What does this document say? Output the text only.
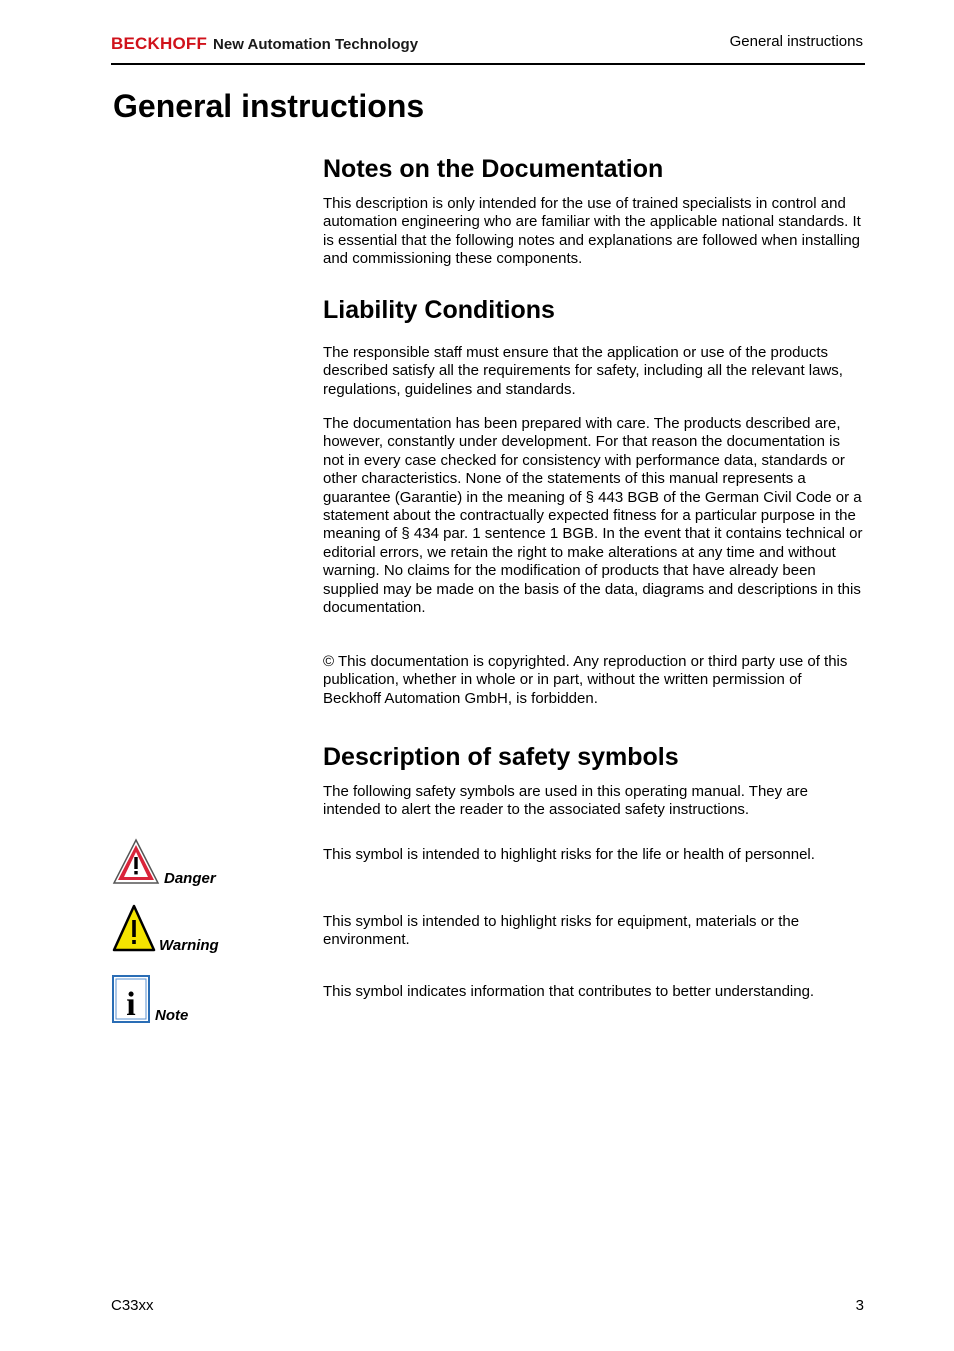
BECKHOFF New Automation Technology	General instructions
General instructions
Notes on the Documentation

This description is only intended for the use of trained specialists in control and automation engineering who are familiar with the applicable national standards. It is essential that the following notes and explanations are followed when installing and commissioning these components.

Liability Conditions

The responsible staff must ensure that the application or use of the products described satisfy all the requirements for safety, including all the relevant laws, regulations, guidelines and standards.

The documentation has been prepared with care. The products described are, however, constantly under development. For that reason the documentation is not in every case checked for consistency with performance data, standards or other characteristics. None of the statements of this manual represents a guarantee (Garantie) in the meaning of § 443 BGB of the German Civil Code or a statement about the contractually expected fitness for a particular purpose in the meaning of § 434 par. 1 sentence 1 BGB. In the event that it contains technical or editorial errors, we retain the right to make alterations at any time and without warning. No claims for the modification of products that have already been supplied may be made on the basis of the data, diagrams and descriptions in this documentation.

© This documentation is copyrighted. Any reproduction or third party use of this publication, whether in whole or in part, without the written permission of Beckhoff Automation GmbH, is forbidden.

Description of safety symbols

The following safety symbols are used in this operating manual. They are intended to alert the reader to the associated safety instructions.

Danger

This symbol is intended to highlight risks for the life or health of personnel.

Warning

This symbol is intended to highlight risks for equipment, materials or the environment.

i Note

This symbol indicates information that contributes to better understanding.

C33xx	3
